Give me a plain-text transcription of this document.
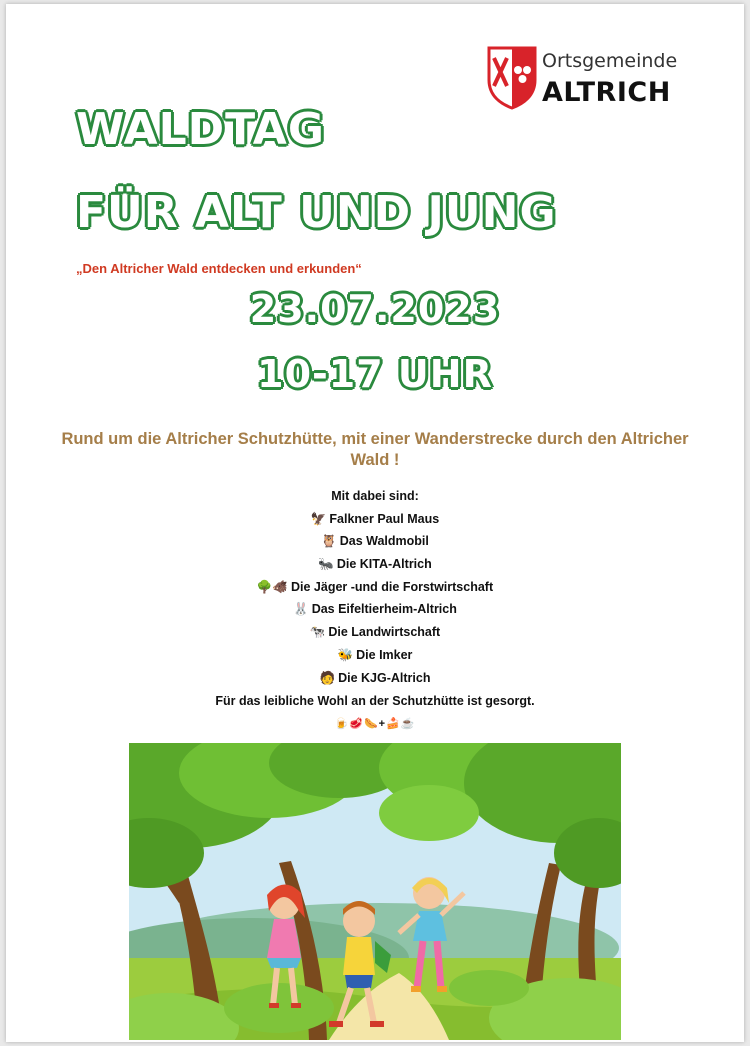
Ortsgemeinde
ALTRICH
WALDTAG
FÜR ALT UND JUNG
„Den Altricher Wald entdecken und erkunden“
23.07.2023
10-17 UHR
Rund um die Altricher Schutzhütte, mit einer Wanderstrecke durch den Altricher Wald !
Mit dabei sind:
🦅 Falkner Paul Maus
🦉 Das Waldmobil
🐜 Die KITA-Altrich
🌳🐗 Die Jäger -und die Forstwirtschaft
🐰 Das Eifeltierheim-Altrich
🐄 Die Landwirtschaft
🐝 Die Imker
🧑 Die KJG-Altrich
Für das leibliche Wohl an der Schutzhütte ist gesorgt.
🍺🥩🌭+🍰☕
